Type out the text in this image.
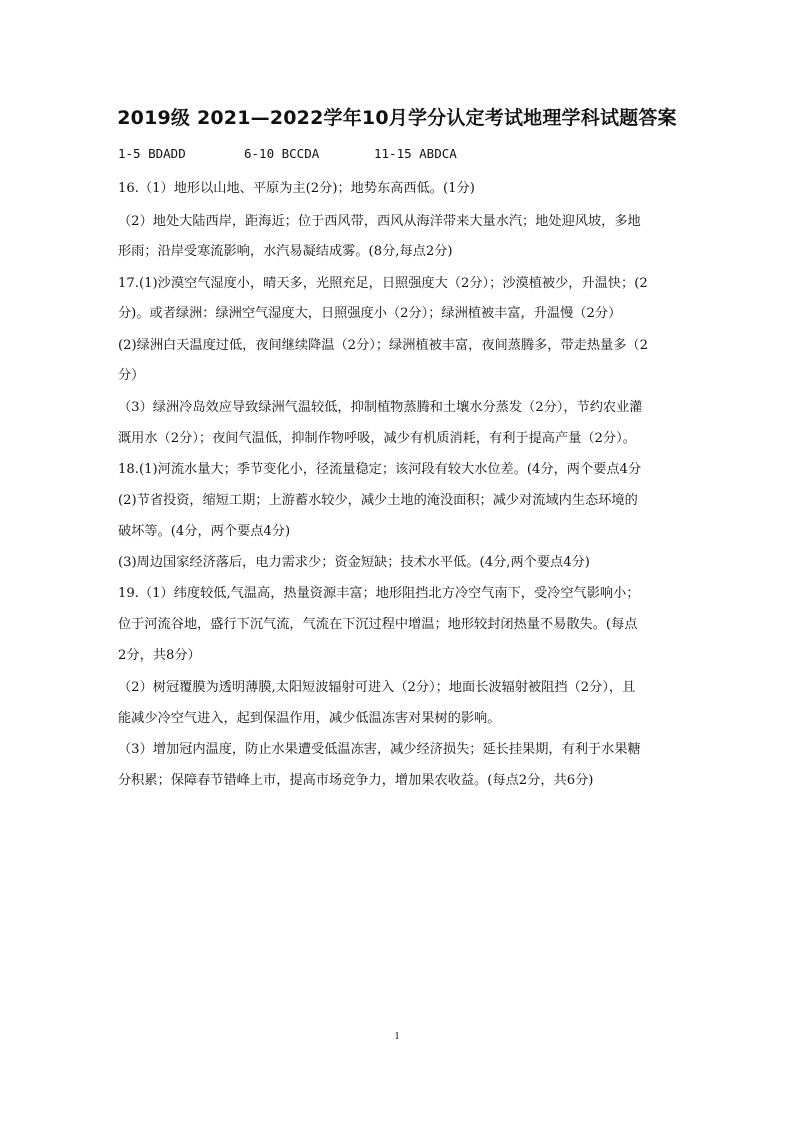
2019级 2021—2022学年10月学分认定考试地理学科试题答案
1-5 BDADD	6-10 BCCDA	11-15 ABDCA
16.（1）地形以山地、平原为主(2分)；地势东高西低。(1分)
（2）地处大陆西岸，距海近；位于西风带，西风从海洋带来大量水汽；地处迎风坡，多地
形雨；沿岸受寒流影响，水汽易凝结成雾。(8分,每点2分)
17.(1)沙漠空气湿度小，晴天多，光照充足，日照强度大（2分）；沙漠植被少，升温快；(2
分)。或者绿洲：绿洲空气湿度大，日照强度小（2分）；绿洲植被丰富，升温慢（2分）
(2)绿洲白天温度过低，夜间继续降温（2分）；绿洲植被丰富，夜间蒸腾多，带走热量多（2
分）
（3）绿洲冷岛效应导致绿洲气温较低，抑制植物蒸腾和土壤水分蒸发（2分），节约农业灌
溉用水（2分）；夜间气温低，抑制作物呼吸，减少有机质消耗，有利于提高产量（2分）。
18.(1)河流水量大；季节变化小，径流量稳定；该河段有较大水位差。(4分，两个要点4分
(2)节省投资，缩短工期；上游蓄水较少，减少土地的淹没面积；减少对流域内生态环境的
破坏等。(4分，两个要点4分)
(3)周边国家经济落后，电力需求少；资金短缺；技术水平低。(4分,两个要点4分)
19.（1）纬度较低,气温高，热量资源丰富；地形阻挡北方冷空气南下，受冷空气影响小；
位于河流谷地，盛行下沉气流，气流在下沉过程中增温；地形较封闭热量不易散失。(每点
2分，共8分）
（2）树冠覆膜为透明薄膜,太阳短波辐射可进入（2分）；地面长波辐射被阻挡（2分），且
能减少冷空气进入，起到保温作用，减少低温冻害对果树的影响。
（3）增加冠内温度，防止水果遭受低温冻害，减少经济损失；延长挂果期，有利于水果糖
分积累；保障春节错峰上市，提高市场竞争力，增加果农收益。(每点2分，共6分)
1
